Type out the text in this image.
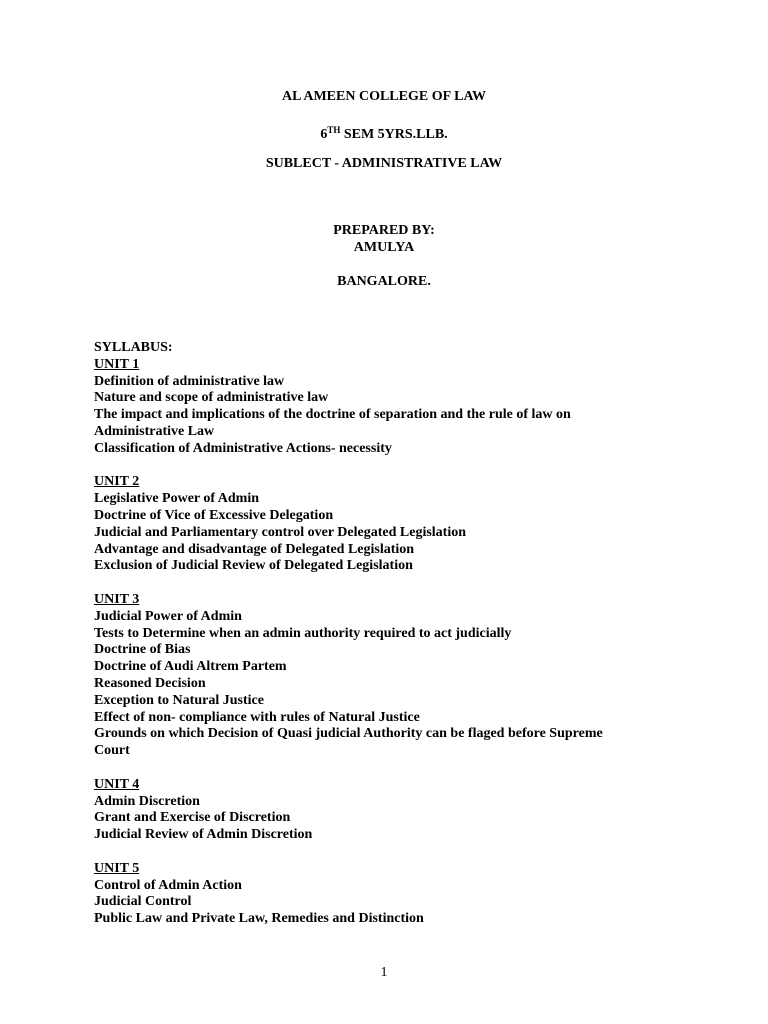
AL AMEEN COLLEGE OF LAW
6TH SEM 5YRS.LLB.
SUBLECT - ADMINISTRATIVE LAW
PREPARED BY:
AMULYA
BANGALORE.
SYLLABUS:
UNIT 1
Definition of administrative law
Nature and scope of administrative law
The impact and implications of the doctrine of separation and the rule of law on
Administrative Law
Classification of Administrative Actions- necessity
UNIT 2
Legislative Power of Admin
Doctrine of Vice of Excessive Delegation
Judicial and Parliamentary control over Delegated Legislation
Advantage and disadvantage of Delegated Legislation
Exclusion of Judicial Review of Delegated Legislation
UNIT 3
Judicial Power of Admin
Tests to Determine when an admin authority required to act judicially
Doctrine of Bias
Doctrine of Audi Altrem Partem
Reasoned Decision
Exception to Natural Justice
Effect of non- compliance with rules of Natural Justice
Grounds on which Decision of Quasi judicial Authority can be flaged before Supreme
Court
UNIT 4
Admin Discretion
Grant and Exercise of Discretion
Judicial Review of Admin Discretion
UNIT 5
Control of Admin Action
Judicial Control
Public Law and Private Law, Remedies and Distinction
1
